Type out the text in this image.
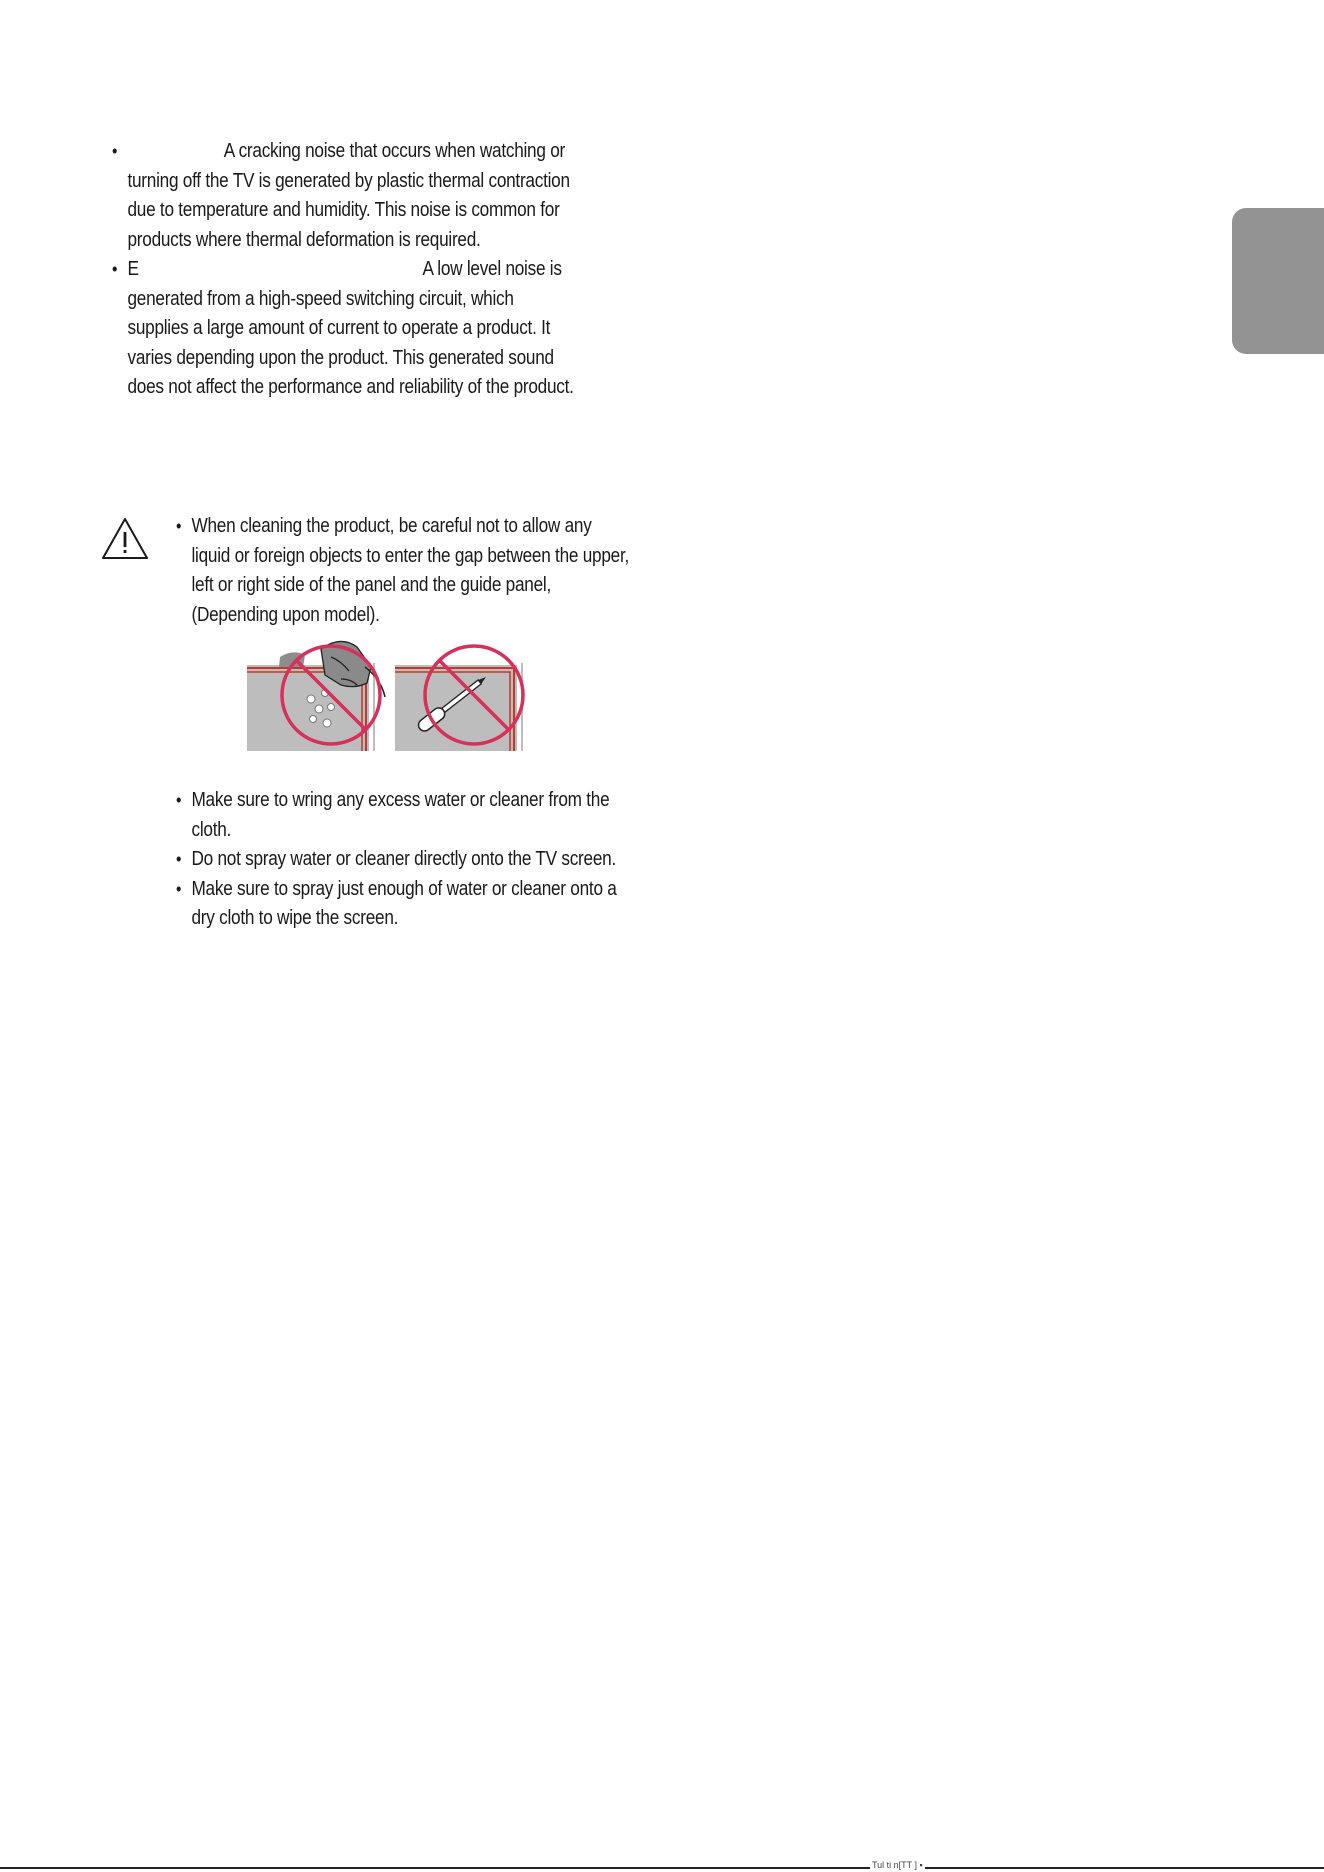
•	A cracking noise that occurs when watching or turning off the TV is generated by plastic thermal contraction due to temperature and humidity. This noise is common for products where thermal deformation is required.
• E	A low level noise is generated from a high-speed switching circuit, which supplies a large amount of current to operate a product. It varies depending upon the product. This generated sound does not affect the performance and reliability of the product.
• When cleaning the product, be careful not to allow any liquid or foreign objects to enter the gap between the upper, left or right side of the panel and the guide panel, (Depending upon model).
• Make sure to wring any excess water or cleaner from the cloth.
• Do not spray water or cleaner directly onto the TV screen.
• Make sure to spray just enough of water or cleaner onto a dry cloth to wipe the screen.
Tul ti n[TT ] ▪
